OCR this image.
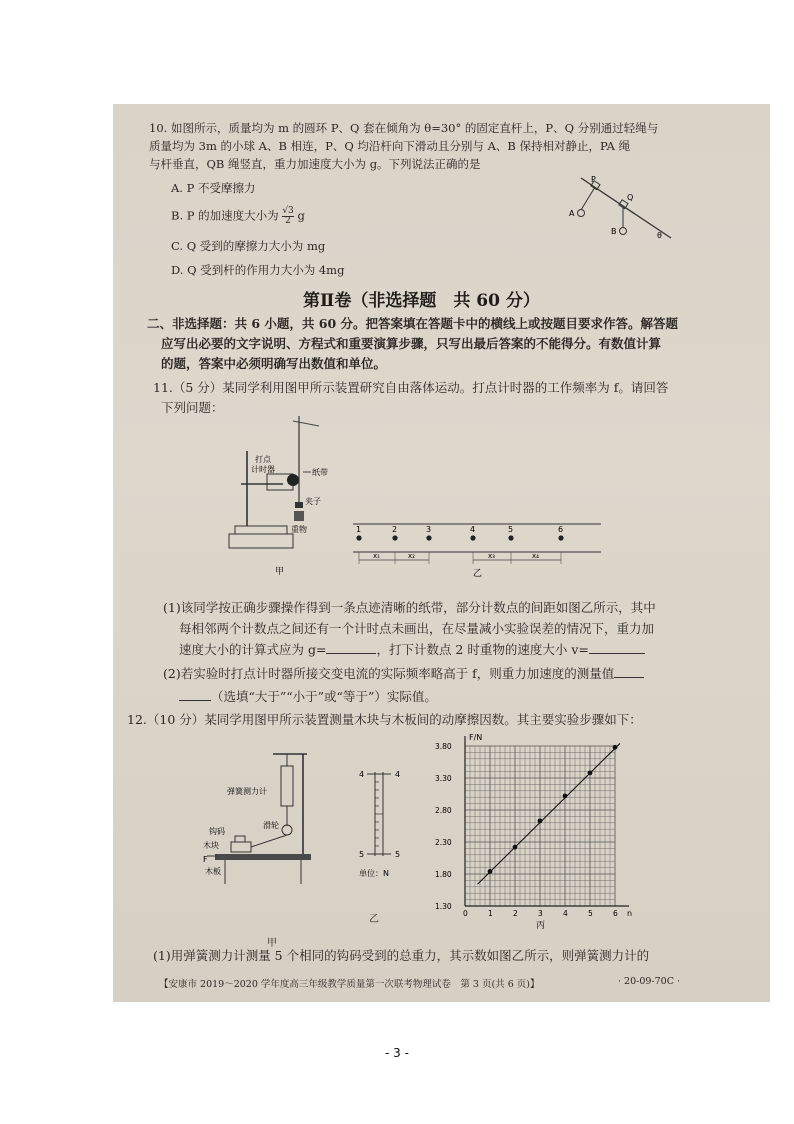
10. 如图所示，质量均为 m 的圆环 P、Q 套在倾角为 θ=30° 的固定直杆上，P、Q 分别通过轻绳与
质量均为 3m 的小球 A、B 相连，P、Q 均沿杆向下滑动且分别与 A、B 保持相对静止，PA 绳
与杆垂直，QB 绳竖直，重力加速度大小为 g。下列说法正确的是
A. P 不受摩擦力
B. P 的加速度大小为 $\frac{√3}{2}$ g
C. Q 受到的摩擦力大小为 mg
D. Q 受到杆的作用力大小为 4mg
P
Q
A
B	θ
第Ⅱ卷（非选择题　共 60 分）
二、非选择题：共 6 小题，共 60 分。把答案填在答题卡中的横线上或按题目要求作答。解答题
应写出必要的文字说明、方程式和重要演算步骤，只写出最后答案的不能得分。有数值计算
的题，答案中必须明确写出数值和单位。
11.（5 分）某同学利用图甲所示装置研究自由落体运动。打点计时器的工作频率为 f。请回答
下列问题：
打点计时器	纸带
夹子
重物
甲
1	2	3	4	5	6
x₁	x₂	x₃	x₄
乙
(1)该同学按正确步骤操作得到一条点迹清晰的纸带，部分计数点的间距如图乙所示，其中
每相邻两个计数点之间还有一个计时点未画出，在尽量减小实验误差的情况下，重力加
速度大小的计算式应为 g=	，打下计数点 2 时重物的速度大小 v=
(2)若实验时打点计时器所接交变电流的实际频率略高于 f，则重力加速度的测量值
（选填“大于”“小于”或“等于”）实际值。
12.（10 分）某同学用图甲所示装置测量木块与木板间的动摩擦因数。其主要实验步骤如下：
弹簧测力计
钩码
滑轮
木块
F
木板
甲
4	4
5	5
单位：N
乙
F/N
n
0	1	2	3	4	5	6
1.30
1.80
2.30
2.80
3.30
3.80
丙
(1)用弹簧测力计测量 5 个相同的钩码受到的总重力，其示数如图乙所示，则弹簧测力计的
【安康市 2019～2020 学年度高三年级教学质量第一次联考物理试卷　第 3 页(共 6 页)】	· 20-09-70C ·
- 3 -
